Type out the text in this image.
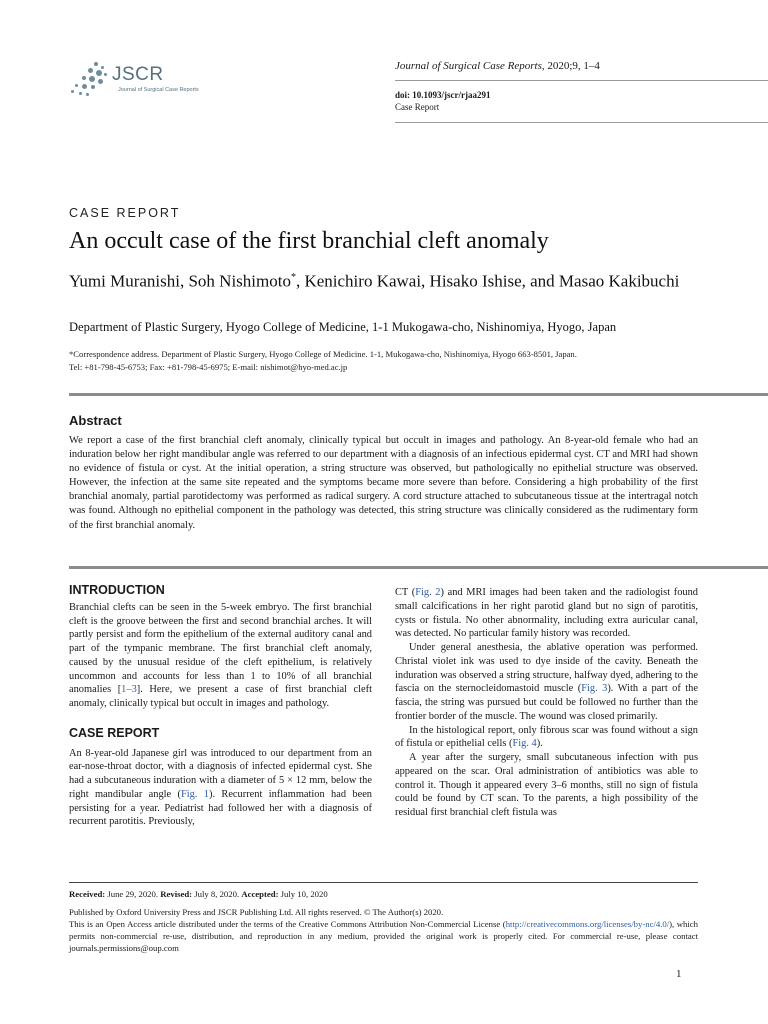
JSCR
Journal of Surgical Case Reports
Journal of Surgical Case Reports, 2020;9, 1–4
doi: 10.1093/jscr/rjaa291
Case Report
CASE REPORT
An occult case of the first branchial cleft anomaly
Yumi Muranishi, Soh Nishimoto*, Kenichiro Kawai, Hisako Ishise, and Masao Kakibuchi
Department of Plastic Surgery, Hyogo College of Medicine, 1-1 Mukogawa-cho, Nishinomiya, Hyogo, Japan
*Correspondence address. Department of Plastic Surgery, Hyogo College of Medicine. 1-1, Mukogawa-cho, Nishinomiya, Hyogo 663-8501, Japan.
Tel: +81-798-45-6753; Fax: +81-798-45-6975; E-mail: nishimot@hyo-med.ac.jp
Abstract
We report a case of the first branchial cleft anomaly, clinically typical but occult in images and pathology. An 8-year-old female who had an induration below her right mandibular angle was referred to our department with a diagnosis of an infectious epidermal cyst. CT and MRI had shown no evidence of fistula or cyst. At the initial operation, a string structure was observed, but pathologically no epithelial structure was observed. However, the infection at the same site repeated and the symptoms became more severe than before. Considering a high probability of the first branchial anomaly, partial parotidectomy was performed as radical surgery. A cord structure attached to subcutaneous tissue at the intertragal notch was found. Although no epithelial component in the pathology was detected, this string structure was clinically considered as the rudimentary form of the first branchial anomaly.
INTRODUCTION

Branchial clefts can be seen in the 5-week embryo. The first branchial cleft is the groove between the first and second branchial arches. It will partly persist and form the epithelium of the external auditory canal and part of the tympanic membrane. The first branchial cleft anomaly, caused by the unusual residue of the cleft epithelium, is relatively uncommon and accounts for less than 1 to 10% of all branchial anomalies [1–3]. Here, we present a case of first branchial cleft anomaly, clinically typical but occult in images and pathology.

CASE REPORT

An 8-year-old Japanese girl was introduced to our department from an ear-nose-throat doctor, with a diagnosis of infected epidermal cyst. She had a subcutaneous induration with a diameter of 5 × 12 mm, below the right mandibular angle (Fig. 1). Recurrent inflammation had been persisting for a year. Pediatrist had followed her with a diagnosis of recurrent parotitis. Previously,

CT (Fig. 2) and MRI images had been taken and the radiologist found small calcifications in her right parotid gland but no sign of parotitis, cysts or fistula. No other abnormality, including extra auricular canal, was detected. No particular family history was recorded.

Under general anesthesia, the ablative operation was performed. Christal violet ink was used to dye inside of the cavity. Beneath the induration was observed a string structure, halfway dyed, adhering to the fascia on the sternocleidomastoid muscle (Fig. 3). With a part of the fascia, the string was pursued but could be followed no further than the frontier border of the muscle. The wound was closed primarily.

In the histological report, only fibrous scar was found without a sign of fistula or epithelial cells (Fig. 4).

A year after the surgery, small subcutaneous infection with pus appeared on the scar. Oral administration of antibiotics was able to control it. Though it appeared every 3–6 months, still no sign of fistula could be found by CT scan. To the parents, a high possibility of the residual first branchial cleft fistula was

Received: June 29, 2020. Revised: July 8, 2020. Accepted: July 10, 2020

Published by Oxford University Press and JSCR Publishing Ltd. All rights reserved. © The Author(s) 2020.

This is an Open Access article distributed under the terms of the Creative Commons Attribution Non-Commercial License (http://creativecommons.org/licenses/by-nc/4.0/), which permits non-commercial re-use, distribution, and reproduction in any medium, provided the original work is properly cited. For commercial re-use, please contact journals.permissions@oup.com

1
